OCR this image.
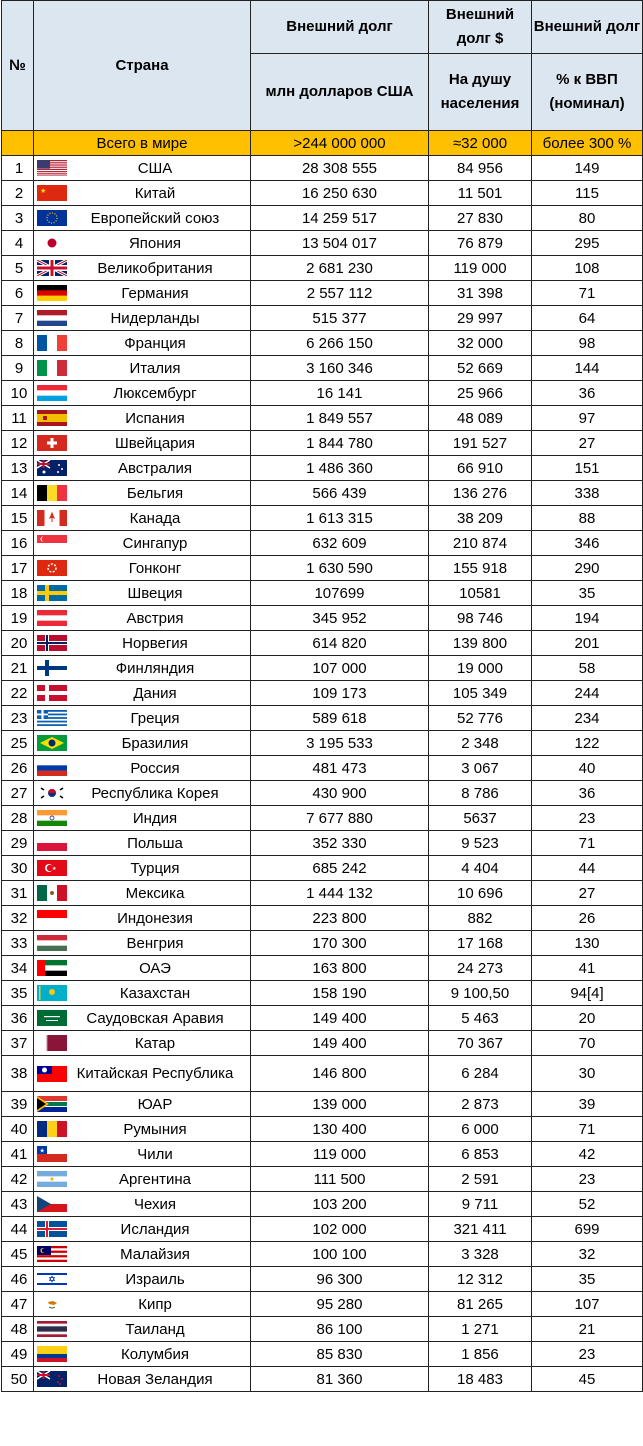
№	Страна	Внешний долг	Внешний долг $	Внешний долг
		млн долларов США	На душу населения	% к ВВП (номинал)
	Всего в мире	>244 000 000	≈32 000	более 300 %
1	США	28 308 555	84 956	149
2	★ Китай	16 250 630	11 501	115
3	Европейский союз	14 259 517	27 830	80
4	Япония	13 504 017	76 879	295
5	Великобритания	2 681 230	119 000	108
6	Германия	2 557 112	31 398	71
7	Нидерланды	515 377	29 997	64
8	Франция	6 266 150	32 000	98
9	Италия	3 160 346	52 669	144
10	Люксембург	16 141	25 966	36
11	Испания	1 849 557	48 089	97
12	Швейцария	1 844 780	191 527	27
13	Австралия	1 486 360	66 910	151
14	Бельгия	566 439	136 276	338
15	Канада	1 613 315	38 209	88
16	Сингапур	632 609	210 874	346
17	Гонконг	1 630 590	155 918	290
18	Швеция	107699	10581	35
19	Австрия	345 952	98 746	194
20	Норвегия	614 820	139 800	201
21	Финляндия	107 000	19 000	58
22	Дания	109 173	105 349	244
23	Греция	589 618	52 776	234
25	Бразилия	3 195 533	2 348	122
26	Россия	481 473	3 067	40
27	Республика Корея	430 900	8 786	36
28	Индия	7 677 880	5637	23
29	Польша	352 330	9 523	71
30	★ Турция	685 242	4 404	44
31	Мексика	1 444 132	10 696	27
32	Индонезия	223 800	882	26
33	Венгрия	170 300	17 168	130
34	ОАЭ	163 800	24 273	41
35	Казахстан	158 190	9 100,50	94[4]
36	Саудовская Аравия	149 400	5 463	20
37	Катар	149 400	70 367	70
38	Китайская Республика	146 800	6 284	30
39	ЮАР	139 000	2 873	39
40	Румыния	130 400	6 000	71
41	★ Чили	119 000	6 853	42
42	Аргентина	111 500	2 591	23
43	Чехия	103 200	9 711	52
44	Исландия	102 000	321 411	699
45	Малайзия	100 100	3 328	32
46	Израиль	96 300	12 312	35
47	Кипр	95 280	81 265	107
48	Таиланд	86 100	1 271	21
49	Колумбия	85 830	1 856	23
50	Новая Зеландия	81 360	18 483	45
